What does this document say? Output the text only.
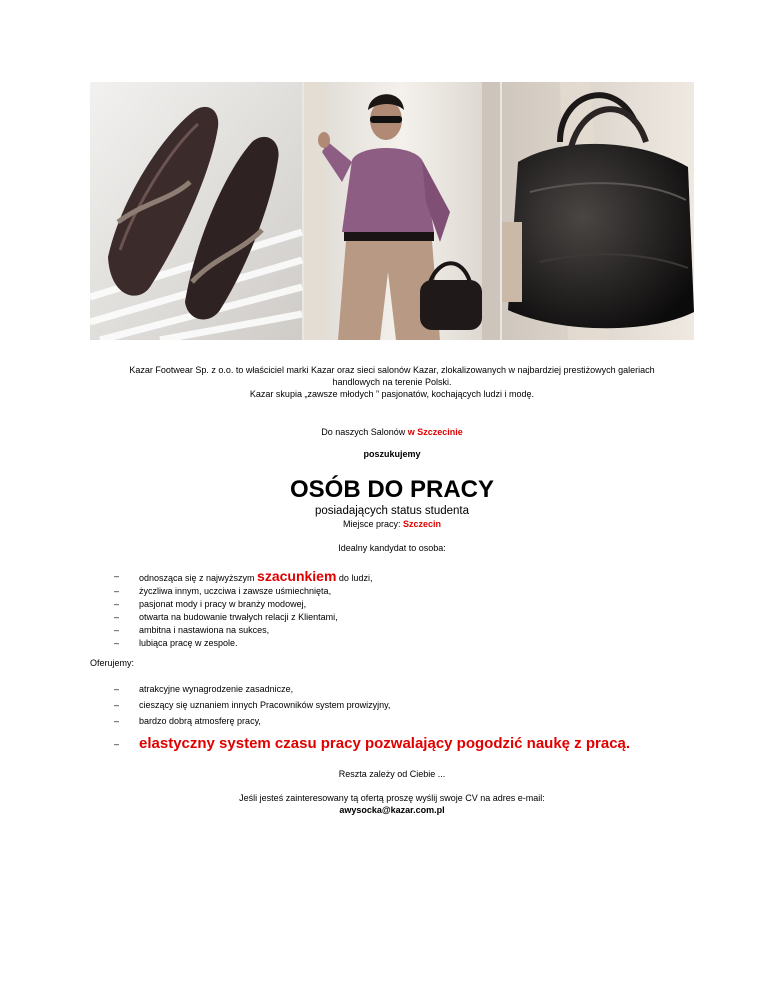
Kazar Footwear Sp. z o.o. to właściciel marki Kazar oraz sieci salonów Kazar, zlokalizowanych w najbardziej prestiżowych galeriach
handlowych na terenie Polski.
Kazar skupia „zawsze młodych ” pasjonatów, kochających ludzi i modę.
Do naszych Salonów w Szczecinie
poszukujemy
OSÓB DO PRACY
posiadających status studenta
Miejsce pracy: Szczecin
Idealny kandydat to osoba:
– odnosząca się z najwyższym szacunkiem do ludzi,
– życzliwa innym, uczciwa i zawsze uśmiechnięta,
– pasjonat mody i pracy w branży modowej,
– otwarta na budowanie trwałych relacji z Klientami,
– ambitna i nastawiona na sukces,
– lubiąca pracę w zespole.
Oferujemy:
– atrakcyjne wynagrodzenie zasadnicze,
– cieszący się uznaniem innych Pracowników system prowizyjny,
– bardzo dobrą atmosferę pracy,
– elastyczny system czasu pracy pozwalający pogodzić naukę z pracą.
Reszta zależy od Ciebie ...
Jeśli jesteś zainteresowany tą ofertą proszę wyślij swoje CV na adres e-mail:
awysocka@kazar.com.pl
